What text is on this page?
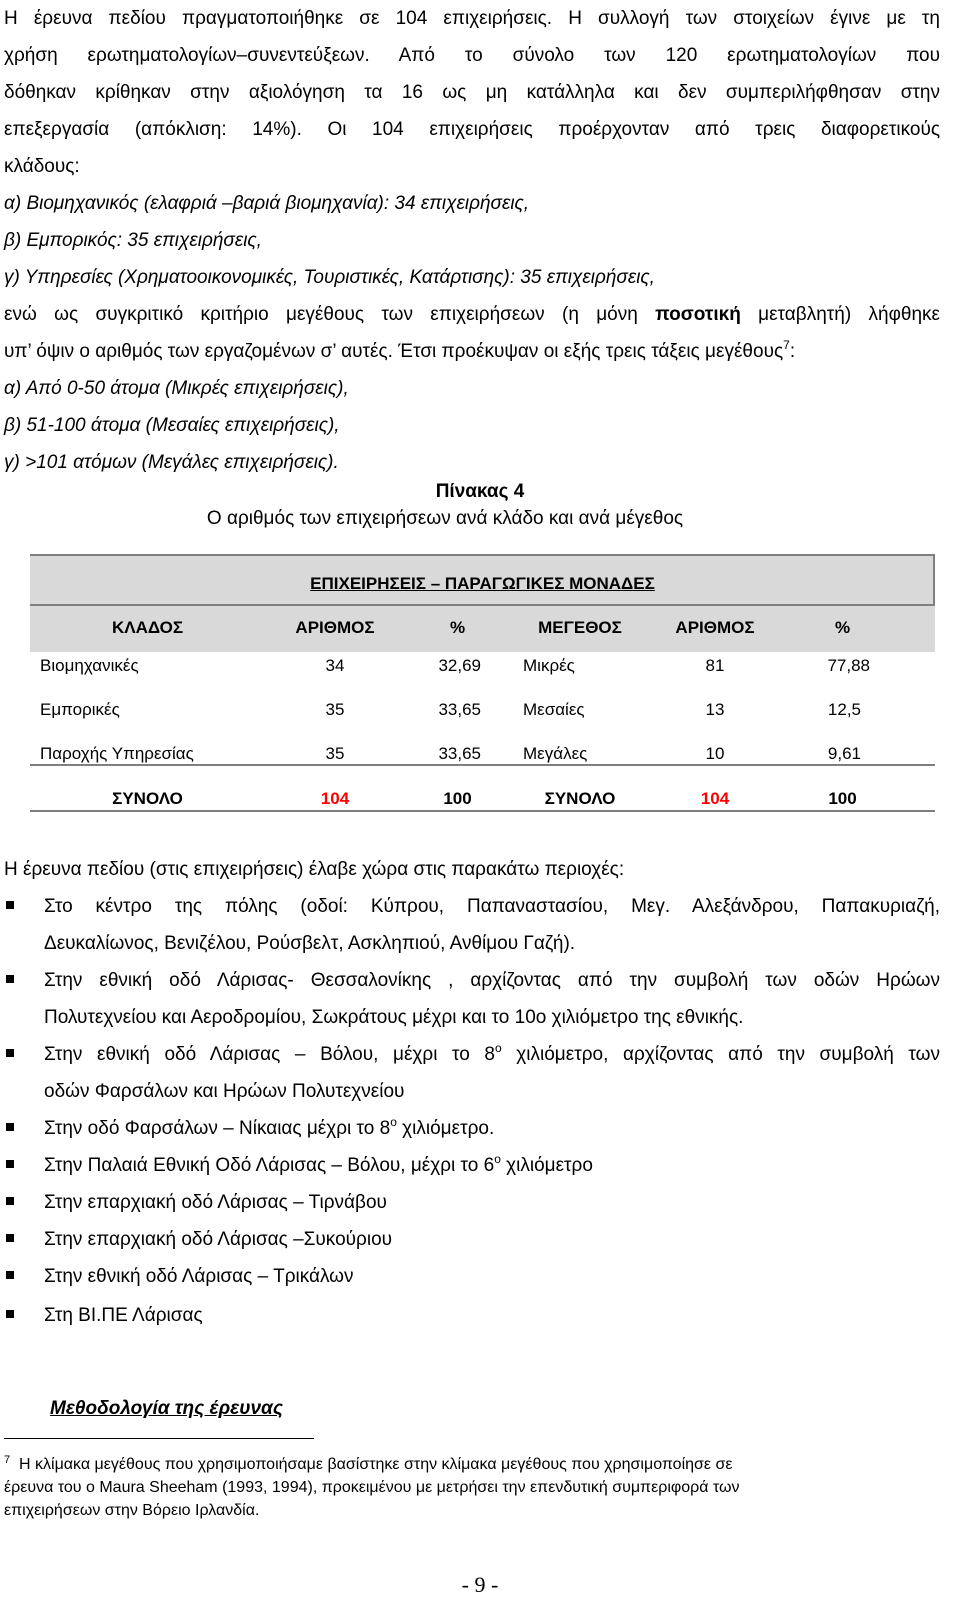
Η έρευνα πεδίου πραγματοποιήθηκε σε 104 επιχειρήσεις. Η συλλογή των στοιχείων έγινε με τη

χρήση ερωτηματολογίων–συνεντεύξεων. Από το σύνολο των 120 ερωτηματολογίων που

δόθηκαν κρίθηκαν στην αξιολόγηση τα 16 ως μη κατάλληλα και δεν συμπεριλήφθησαν στην

επεξεργασία (απόκλιση: 14%). Οι 104 επιχειρήσεις προέρχονταν από τρεις διαφορετικούς

κλάδους:

α) Βιομηχανικός (ελαφριά –βαριά βιομηχανία): 34 επιχειρήσεις,

β) Εμπορικός: 35 επιχειρήσεις,

γ) Υπηρεσίες (Χρηματοοικονομικές, Τουριστικές, Κατάρτισης): 35 επιχειρήσεις,

ενώ ως συγκριτικό κριτήριο μεγέθους των επιχειρήσεων (η μόνη ποσοτική μεταβλητή) λήφθηκε

υπ’ όψιν ο αριθμός των εργαζομένων σ’ αυτές. Έτσι προέκυψαν οι εξής τρεις τάξεις μεγέθους$^7$:

α) Από 0-50 άτομα (Μικρές επιχειρήσεις),

β) 51-100 άτομα (Μεσαίες επιχειρήσεις),

γ) >101 ατόμων (Μεγάλες επιχειρήσεις).

Πίνακας 4
Ο αριθμός των επιχειρήσεων ανά κλάδο και ανά μέγεθος
ΕΠΙΧΕΙΡΗΣΕΙΣ – ΠΑΡΑΓΩΓΙΚΕΣ ΜΟΝΑΔΕΣ
ΚΛΑΔΟΣ	ΑΡΙΘΜΟΣ	%	ΜΕΓΕΘΟΣ	ΑΡΙΘΜΟΣ	%
Βιομηχανικές	34	32,69 Μικρές	81	77,88
Εμπορικές	35	33,65 Μεσαίες	13	12,5
Παροχής Υπηρεσίας	35	33,65 Μεγάλες	10	9,61
ΣΥΝΟΛΟ	104	100	ΣΥΝΟΛΟ	104	100

Η έρευνα πεδίου (στις επιχειρήσεις) έλαβε χώρα στις παρακάτω περιοχές:

Στο κέντρο της πόλης (οδοί: Κύπρου, Παπαναστασίου, Μεγ. Αλεξάνδρου, Παπακυριαζή,
Δευκαλίωνος, Βενιζέλου, Ρούσβελτ, Ασκληπιού, Ανθίμου Γαζή).
Στην εθνική οδό Λάρισας- Θεσσαλονίκης , αρχίζοντας από την συμβολή των οδών Ηρώων
Πολυτεχνείου και Αεροδρομίου, Σωκράτους μέχρι και το 10ο χιλιόμετρο της εθνικής.
Στην εθνική οδό Λάρισας – Βόλου, μέχρι το $8^o$ χιλιόμετρο, αρχίζοντας από την συμβολή των
οδών Φαρσάλων και Ηρώων Πολυτεχνείου
Στην οδό Φαρσάλων – Νίκαιας μέχρι το $8^o$ χιλιόμετρο.
Στην Παλαιά Εθνική Οδό Λάρισας – Βόλου, μέχρι το $6^o$ χιλιόμετρο
Στην επαρχιακή οδό Λάρισας – Τιρνάβου
Στην επαρχιακή οδό Λάρισας –Συκούριου
Στην εθνική οδό Λάρισας – Τρικάλων
Στη ΒΙ.ΠΕ Λάρισας
Μεθοδολογία της έρευνας
$^7$ Η κλίμακα μεγέθους που χρησιμοποιήσαμε βασίστηκε στην κλίμακα μεγέθους που χρησιμοποίησε σε
έρευνα του ο Maura Sheeham (1993, 1994), προκειμένου με μετρήσει την επενδυτική συμπεριφορά των
επιχειρήσεων στην Βόρειο Ιρλανδία.
- 9 -
